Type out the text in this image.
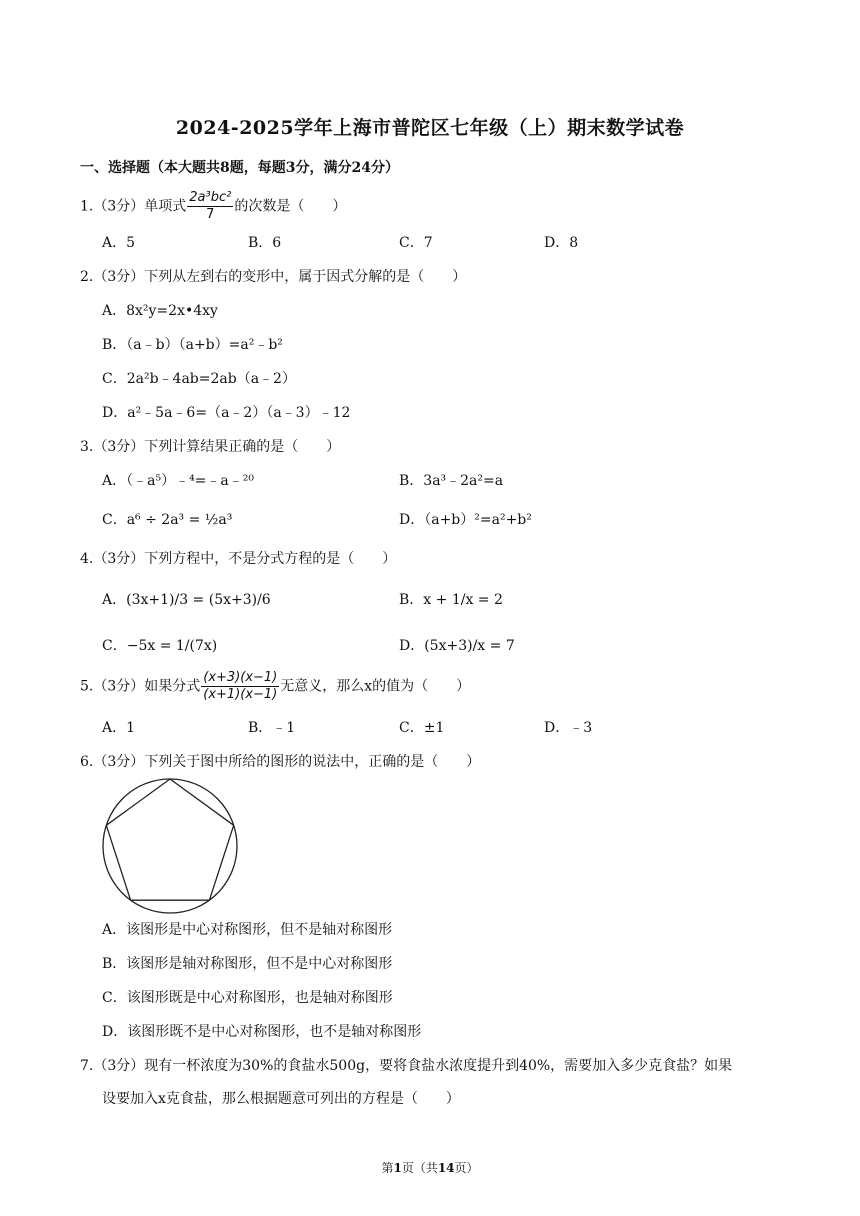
2024-2025学年上海市普陀区七年级（上）期末数学试卷
一、选择题（本大题共8题，每题3分，满分24分）
1.（3分）单项式 $\frac{\text{2a³bc²}}{7}$ 的次数是（　　）
A．5	B．6	C．7	D．8
2.（3分）下列从左到右的变形中，属于因式分解的是（　　）
A．8x²y=2x•4xy
B．（a﹣b）（a+b）=a²﹣b²
C．2a²b﹣4ab=2ab（a﹣2）
D．a²﹣5a﹣6=（a﹣2）（a﹣3）﹣12
3.（3分）下列计算结果正确的是（　　）
A．（﹣a⁵）﹣⁴=﹣a﹣²⁰	B．3a³﹣2a²=a
C．a⁶ ÷ 2a³ = ½a³	D．（a+b）²=a²+b²
4.（3分）下列方程中，不是分式方程的是（　　）
A．(3x+1)/3 = (5x+3)/6	B．x + 1/x = 2
C．−5x = 1/(7x)	D．(5x+3)/x = 7
5.（3分）如果分式 $\frac{(x+3)(x-1)}{(x+1)(x-1)}$ 无意义，那么x的值为（　　）
A．1	B．﹣1	C．±1	D．﹣3
6.（3分）下列关于图中所给的图形的说法中，正确的是（　　）
A．该图形是中心对称图形，但不是轴对称图形
B．该图形是轴对称图形，但不是中心对称图形
C．该图形既是中心对称图形，也是轴对称图形
D．该图形既不是中心对称图形，也不是轴对称图形
7.（3分）现有一杯浓度为30%的食盐水500g，要将食盐水浓度提升到40%，需要加入多少克食盐？如果
设要加入x克食盐，那么根据题意可列出的方程是（　　）
第1页（共14页）
